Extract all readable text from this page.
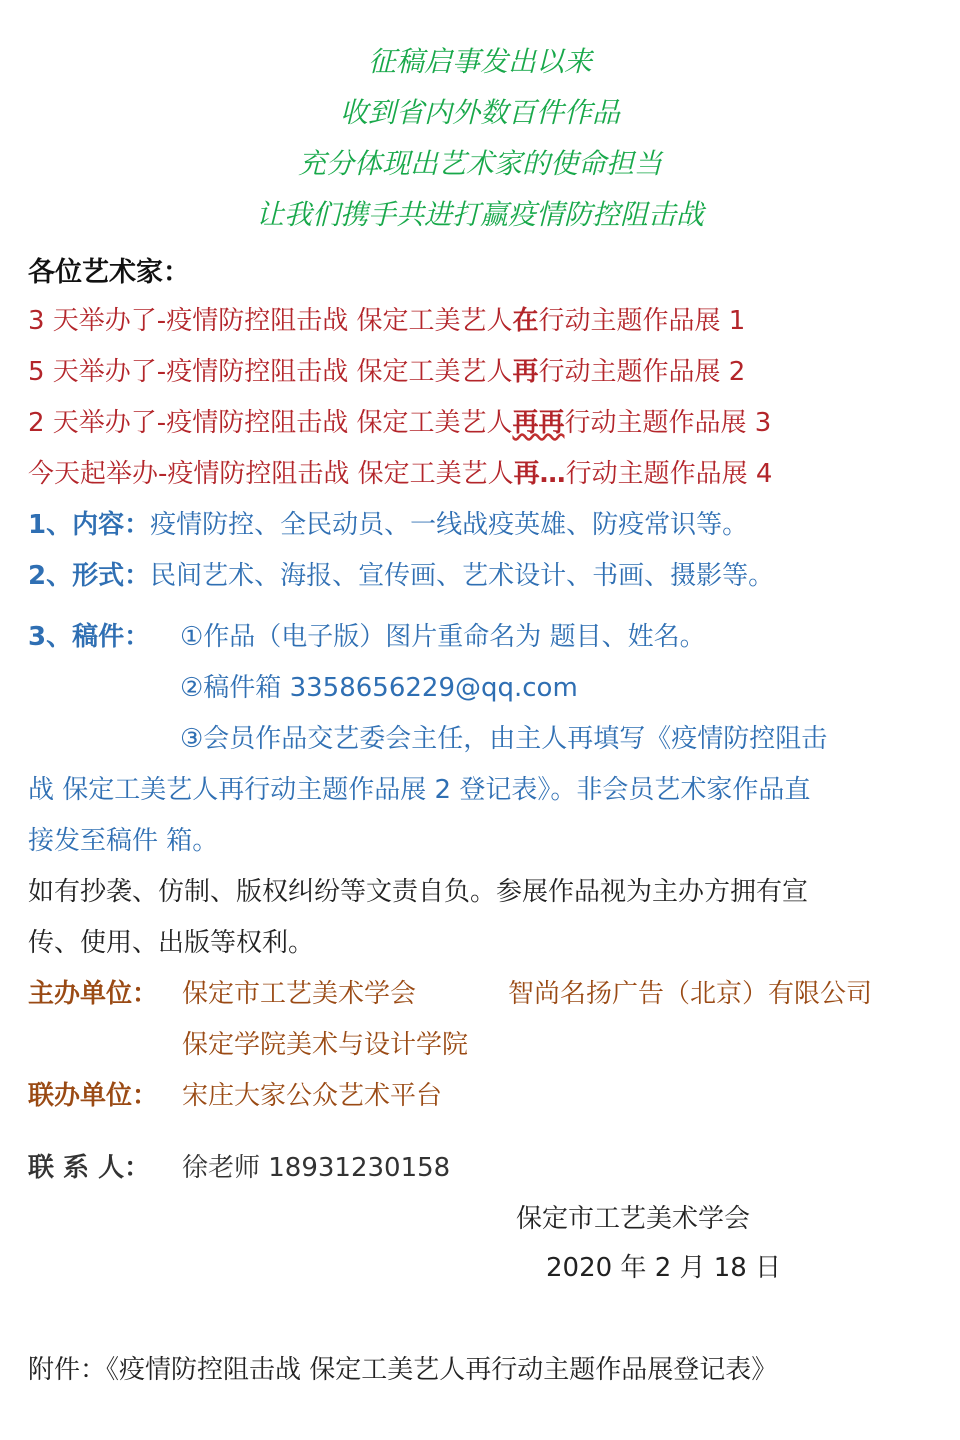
征稿启事发出以来
收到省内外数百件作品
充分体现出艺术家的使命担当
让我们携手共进打赢疫情防控阻击战
各位艺术家：
3 天举办了-疫情防控阻击战 保定工美艺人在行动主题作品展 1
5 天举办了-疫情防控阻击战 保定工美艺人再行动主题作品展 2
2 天举办了-疫情防控阻击战 保定工美艺人再再行动主题作品展 3
今天起举办-疫情防控阻击战 保定工美艺人再…行动主题作品展 4
1、内容：疫情防控、全民动员、一线战疫英雄、防疫常识等。
2、形式：民间艺术、海报、宣传画、艺术设计、书画、摄影等。
3、稿件： ①作品（电子版）图片重命名为 题目、姓名。
②稿件箱 3358656229@qq.com
③会员作品交艺委会主任，由主人再填写《疫情防控阻击
战 保定工美艺人再行动主题作品展 2 登记表》。非会员艺术家作品直
接发至稿件 箱。
如有抄袭、仿制、版权纠纷等文责自负。参展作品视为主办方拥有宣
传、使用、出版等权利。
主办单位： 保定市工艺美术学会	智尚名扬广告（北京）有限公司
保定学院美术与设计学院
联办单位： 宋庄大家公众艺术平台
联 系 人： 徐老师 18931230158
保定市工艺美术学会
2020 年 2 月 18 日
附件：《疫情防控阻击战 保定工美艺人再行动主题作品展登记表》
